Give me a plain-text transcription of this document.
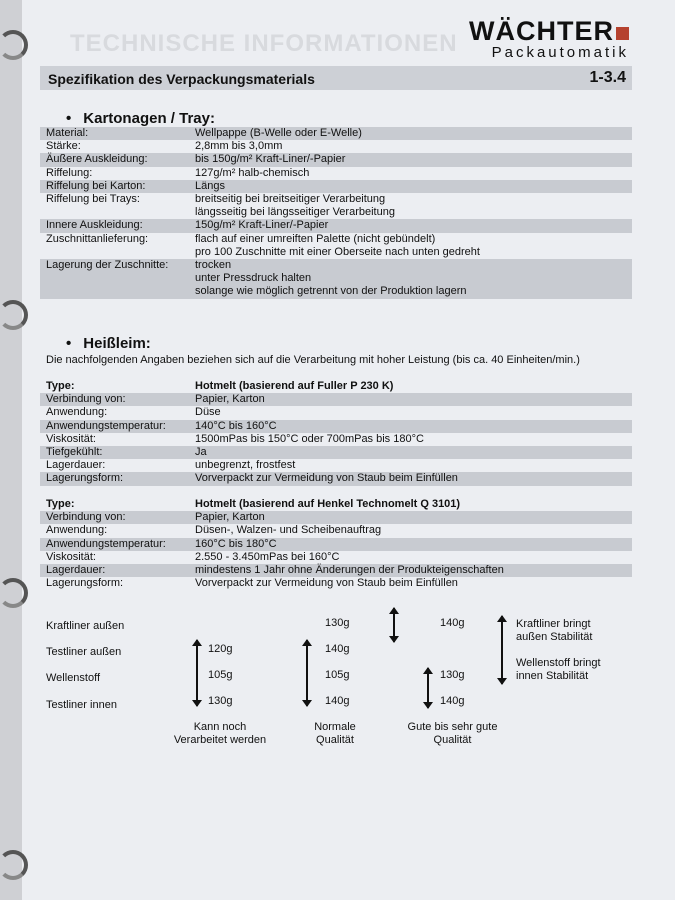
TECHNISCHE INFORMATIONEN WÄCHTER
Packautomatik
Spezifikation des Verpackungsmaterials	1-3.4
• Kartonagen / Tray:
Material:	Wellpappe (B-Welle oder E-Welle)
Stärke:	2,8mm bis 3,0mm
Äußere Auskleidung:	bis 150g/m² Kraft-Liner/-Papier
Riffelung:	127g/m² halb-chemisch
Riffelung bei Karton:	Längs
Riffelung bei Trays:	breitseitig bei breitseitiger Verarbeitung
längsseitig bei längsseitiger Verarbeitung
Innere Auskleidung:	150g/m² Kraft-Liner/-Papier
Zuschnittanlieferung:	flach auf einer umreiften Palette (nicht gebündelt)
pro 100 Zuschnitte mit einer Oberseite nach unten gedreht
Lagerung der Zuschnitte: trocken
unter Pressdruck halten
solange wie möglich getrennt von der Produktion lagern
• Heißleim:
Die nachfolgenden Angaben beziehen sich auf die Verarbeitung mit hoher Leistung (bis ca. 40 Einheiten/min.)
Type:	Hotmelt (basierend auf Fuller P 230 K)
Verbindung von:	Papier, Karton
Anwendung:	Düse
Anwendungstemperatur:	140°C bis 160°C
Viskosität:	1500mPas bis 150°C oder 700mPas bis 180°C
Tiefgekühlt:	Ja
Lagerdauer:	unbegrenzt, frostfest
Lagerungsform:	Vorverpackt zur Vermeidung von Staub beim Einfüllen
Type:	Hotmelt (basierend auf Henkel Technomelt Q 3101)
Verbindung von:	Papier, Karton
Anwendung:	Düsen-, Walzen- und Scheibenauftrag
Anwendungstemperatur:	160°C bis 180°C
Viskosität:	2.550 - 3.450mPas bei 160°C
Lagerdauer:	mindestens 1 Jahr ohne Änderungen der Produkteigenschaften
Lagerungsform:	Vorverpackt zur Vermeidung von Staub beim Einfüllen
Kraftliner außen
Testliner außen
Wellenstoff
Testliner innen
120g
105g
130g
Kann noch
Verarbeitet werden
130g
140g
105g
140g
Normale
Qualität
140g
130g
140g
Gute bis sehr gute
Qualität
Kraftliner bringt
außen Stabilität
Wellenstoff bringt
innen Stabilität
